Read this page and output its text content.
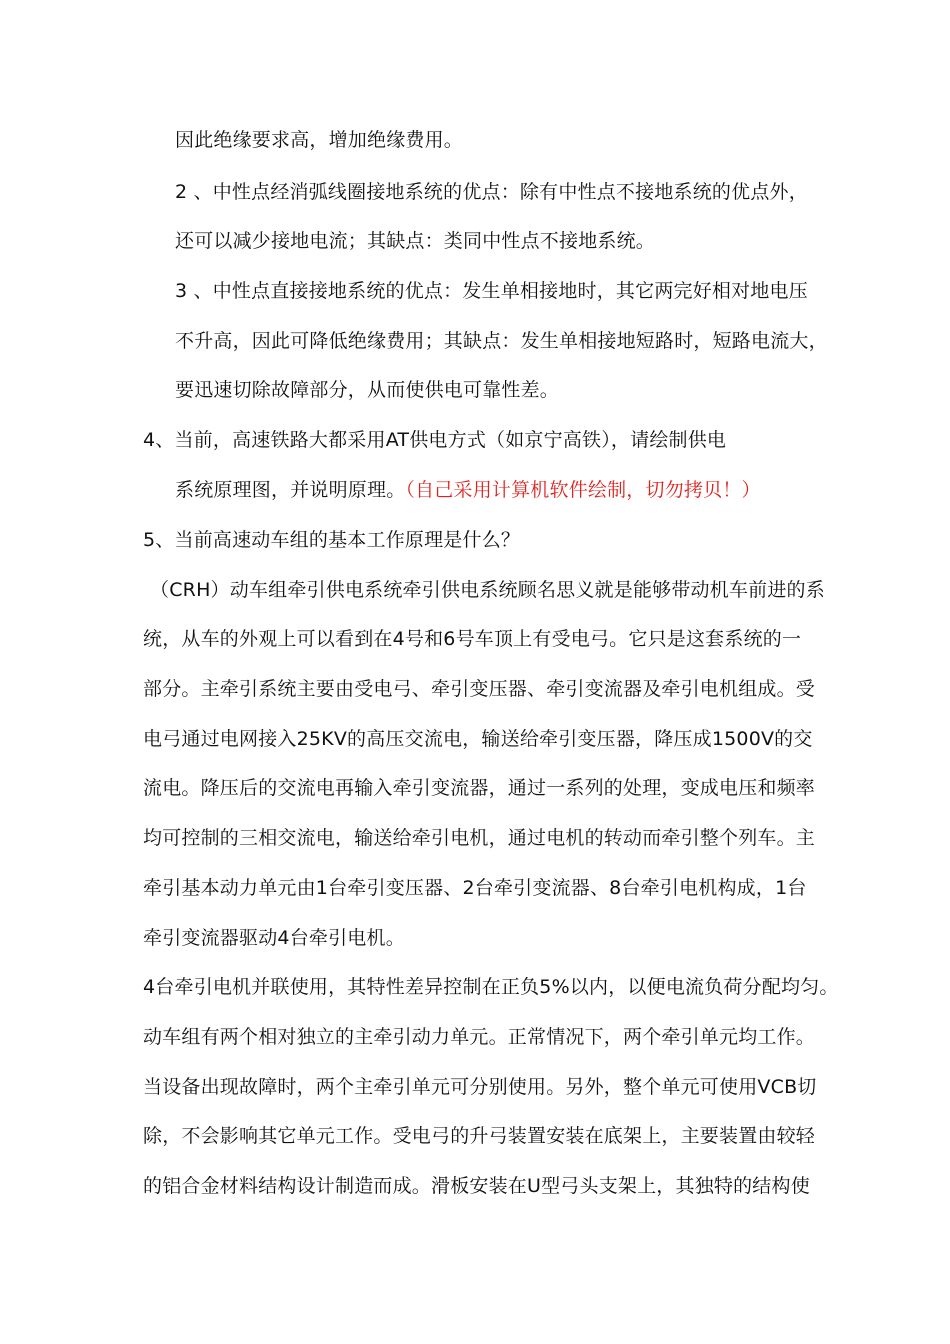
因此绝缘要求高，增加绝缘费用。
2 、中性点经消弧线圈接地系统的优点：除有中性点不接地系统的优点外，
还可以减少接地电流；其缺点：类同中性点不接地系统。
3 、中性点直接接地系统的优点：发生单相接地时，其它两完好相对地电压
不升高，因此可降低绝缘费用；其缺点：发生单相接地短路时，短路电流大，
要迅速切除故障部分，从而使供电可靠性差。
4、当前，高速铁路大都采用AT供电方式（如京宁高铁），请绘制供电
系统原理图，并说明原理。（自己采用计算机软件绘制，切勿拷贝！）
5、当前高速动车组的基本工作原理是什么？
（CRH）动车组牵引供电系统牵引供电系统顾名思义就是能够带动机车前进的系
统，从车的外观上可以看到在4号和6号车顶上有受电弓。它只是这套系统的一
部分。主牵引系统主要由受电弓、牵引变压器、牵引变流器及牵引电机组成。受
电弓通过电网接入25KV的高压交流电，输送给牵引变压器，降压成1500V的交
流电。降压后的交流电再输入牵引变流器，通过一系列的处理，变成电压和频率
均可控制的三相交流电，输送给牵引电机，通过电机的转动而牵引整个列车。主
牵引基本动力单元由1台牵引变压器、2台牵引变流器、8台牵引电机构成，1台
牵引变流器驱动4台牵引电机。
4台牵引电机并联使用，其特性差异控制在正负5%以内，以便电流负荷分配均匀。
动车组有两个相对独立的主牵引动力单元。正常情况下，两个牵引单元均工作。
当设备出现故障时，两个主牵引单元可分别使用。另外，整个单元可使用VCB切
除，不会影响其它单元工作。受电弓的升弓装置安装在底架上，主要装置由较轻
的铝合金材料结构设计制造而成。滑板安装在U型弓头支架上，其独特的结构使
